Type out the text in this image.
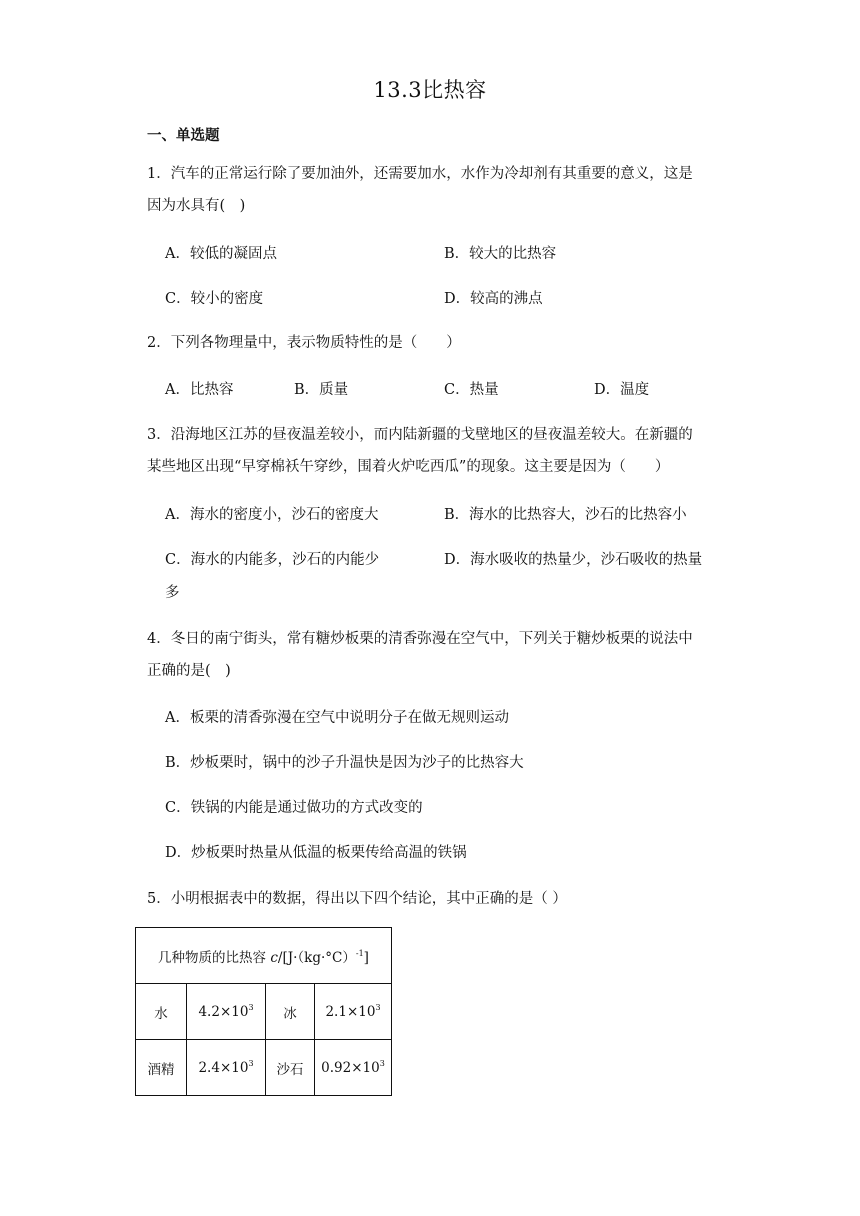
13.3比热容
一、单选题
1．汽车的正常运行除了要加油外，还需要加水，水作为冷却剂有其重要的意义，这是
因为水具有(　)
A．较低的凝固点	B．较大的比热容
C．较小的密度	D．较高的沸点
2．下列各物理量中，表示物质特性的是（　　）
A．比热容	B．质量	C．热量	D．温度
3．沿海地区江苏的昼夜温差较小，而内陆新疆的戈壁地区的昼夜温差较大。在新疆的
某些地区出现“早穿棉袄午穿纱，围着火炉吃西瓜”的现象。这主要是因为（　　）
A．海水的密度小，沙石的密度大	B．海水的比热容大，沙石的比热容小
C．海水的内能多，沙石的内能少	D．海水吸收的热量少，沙石吸收的热量
多
4．冬日的南宁街头，常有糖炒板栗的清香弥漫在空气中，下列关于糖炒板栗的说法中
正确的是(　)
A．板栗的清香弥漫在空气中说明分子在做无规则运动
B．炒板栗时，锅中的沙子升温快是因为沙子的比热容大
C．铁锅的内能是通过做功的方式改变的
D．炒板栗时热量从低温的板栗传给高温的铁锅
5．小明根据表中的数据，得出以下四个结论，其中正确的是（ ）
几种物质的比热容 $c/[J\cdot(kg\cdot^\circ C)^{-1}]$			
水	$4.2\times 10^3$	冰	$2.1\times 10^3$
酒精	$2.4\times 10^3$	沙石	$0.92\times 10^3$
